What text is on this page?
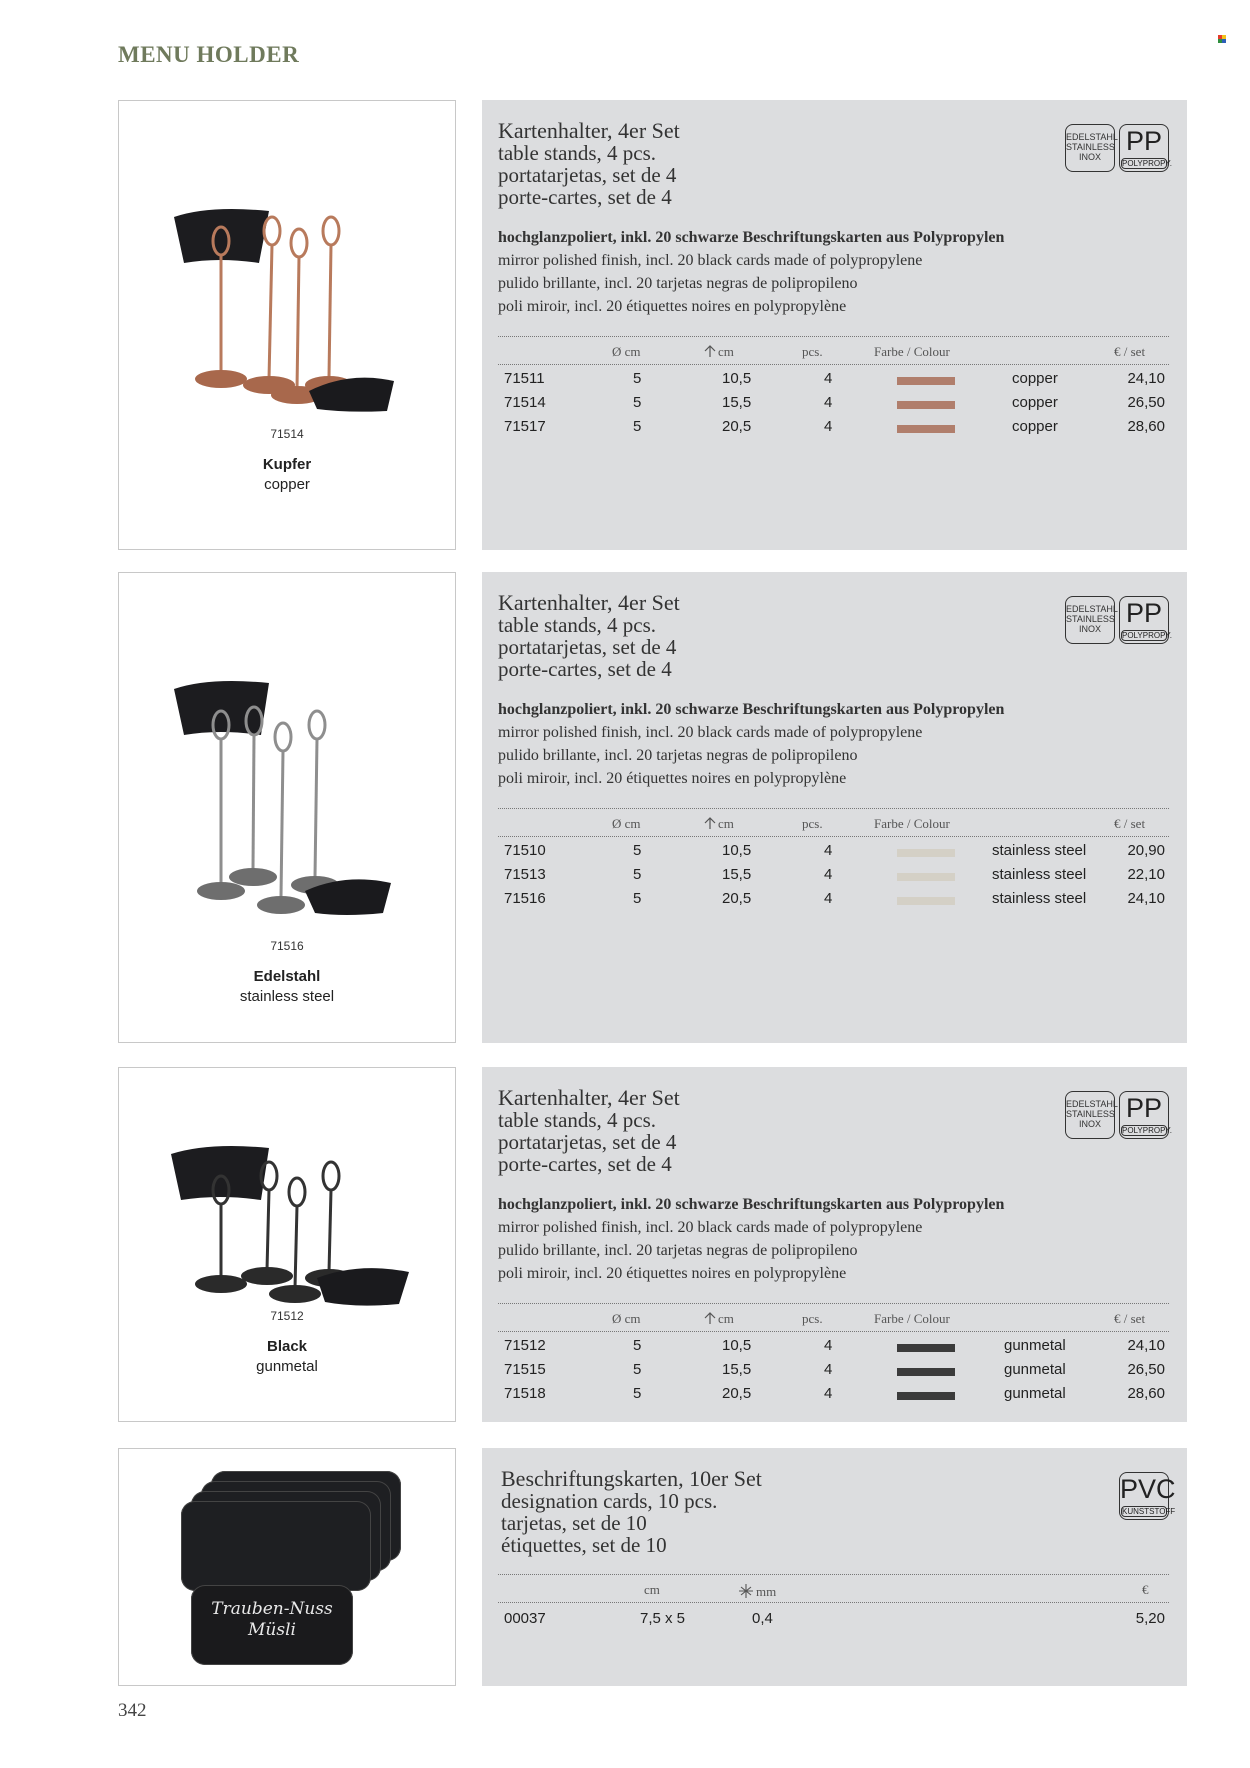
MENU HOLDER
71514
Kupfer
copper
Kartenhalter, 4er Set
table stands, 4 pcs.
portatarjetas, set de 4
porte-cartes, set de 4
EDELSTAHL
STAINLESS
INOX
PP
POLYPROPY.
hochglanzpoliert, inkl. 20 schwarze Beschriftungskarten aus Polypropylen
mirror polished finish, incl. 20 black cards made of polypropylene
pulido brillante, incl. 20 tarjetas negras de polipropileno
poli miroir, incl. 20 étiquettes noires en polypropylène
Ø cm	cm	pcs.	Farbe / Colour	€ / set
71511	5	10,5	4	copper	24,10
71514	5	15,5	4	copper	26,50
71517	5	20,5	4	copper	28,60
71516
Edelstahl
stainless steel
Kartenhalter, 4er Set
table stands, 4 pcs.
portatarjetas, set de 4
porte-cartes, set de 4
EDELSTAHL
STAINLESS
INOX
PP
POLYPROPY.
hochglanzpoliert, inkl. 20 schwarze Beschriftungskarten aus Polypropylen
mirror polished finish, incl. 20 black cards made of polypropylene
pulido brillante, incl. 20 tarjetas negras de polipropileno
poli miroir, incl. 20 étiquettes noires en polypropylène
Ø cm	cm	pcs.	Farbe / Colour	€ / set
71510	5	10,5	4	stainless steel	20,90
71513	5	15,5	4	stainless steel	22,10
71516	5	20,5	4	stainless steel	24,10
71512
Black
gunmetal
Kartenhalter, 4er Set
table stands, 4 pcs.
portatarjetas, set de 4
porte-cartes, set de 4
EDELSTAHL
STAINLESS
INOX
PP
POLYPROPY.
hochglanzpoliert, inkl. 20 schwarze Beschriftungskarten aus Polypropylen
mirror polished finish, incl. 20 black cards made of polypropylene
pulido brillante, incl. 20 tarjetas negras de polipropileno
poli miroir, incl. 20 étiquettes noires en polypropylène
Ø cm	cm	pcs.	Farbe / Colour	€ / set
71512	5	10,5	4	gunmetal	24,10
71515	5	15,5	4	gunmetal	26,50
71518	5	20,5	4	gunmetal	28,60
Trauben-Nuss
Müsli
Beschriftungskarten, 10er Set
designation cards, 10 pcs.
tarjetas, set de 10
étiquettes, set de 10
PVC
KUNSTSTOFF
cm	mm	€
00037	7,5 x 5	0,4	5,20
342
